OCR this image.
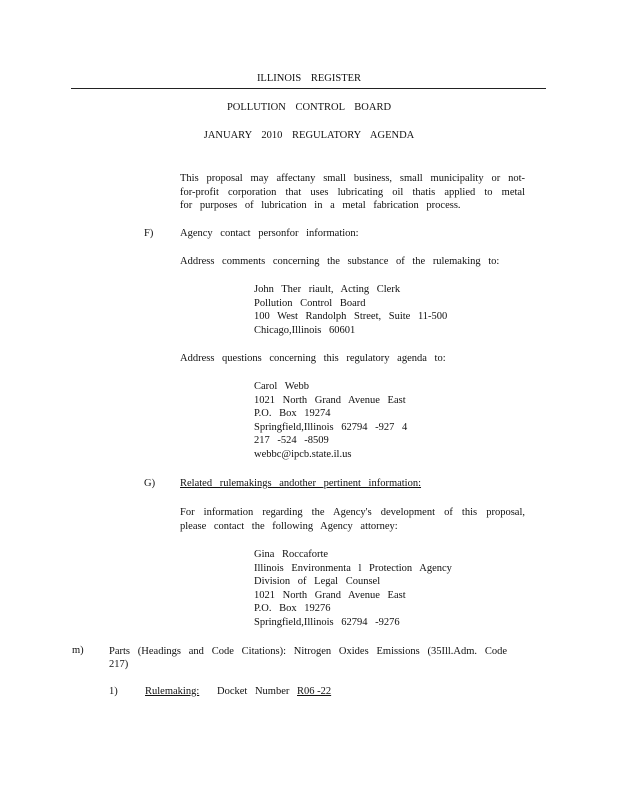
ILLINOIS REGISTER
POLLUTION CONTROL BOARD
JANUARY 2010 REGULATORY AGENDA
This proposal may affectany small business, small municipality or not-for-profit corporation that uses lubricating oil thatis applied to metal for purposes of lubrication in a metal fabrication process.
F)	Agency contact personfor information:
Address comments concerning the substance of the rulemaking to:
John Ther riault, Acting Clerk
Pollution Control Board
100 West Randolph Street, Suite 11-500
Chicago,Illinois 60601
Address questions concerning this regulatory agenda to:
Carol Webb
1021 North Grand Avenue East
P.O. Box 19274
Springfield,Illinois 62794 -927 4
217 -524 -8509
webbc@ipcb.state.il.us
G) Related rulemakings andother pertinent information:
For information regarding the Agency's development of this proposal, please contact the following Agency attorney:
Gina Roccaforte
Illinois Environmenta l Protection Agency
Division of Legal Counsel
1021 North Grand Avenue East
P.O. Box 19276
Springfield,Illinois 62794 -9276
m) Parts (Headings and Code Citations): Nitrogen Oxides Emissions (35Ill.Adm. Code 217)
1)	Rulemaking:	Docket Number R06 -22
